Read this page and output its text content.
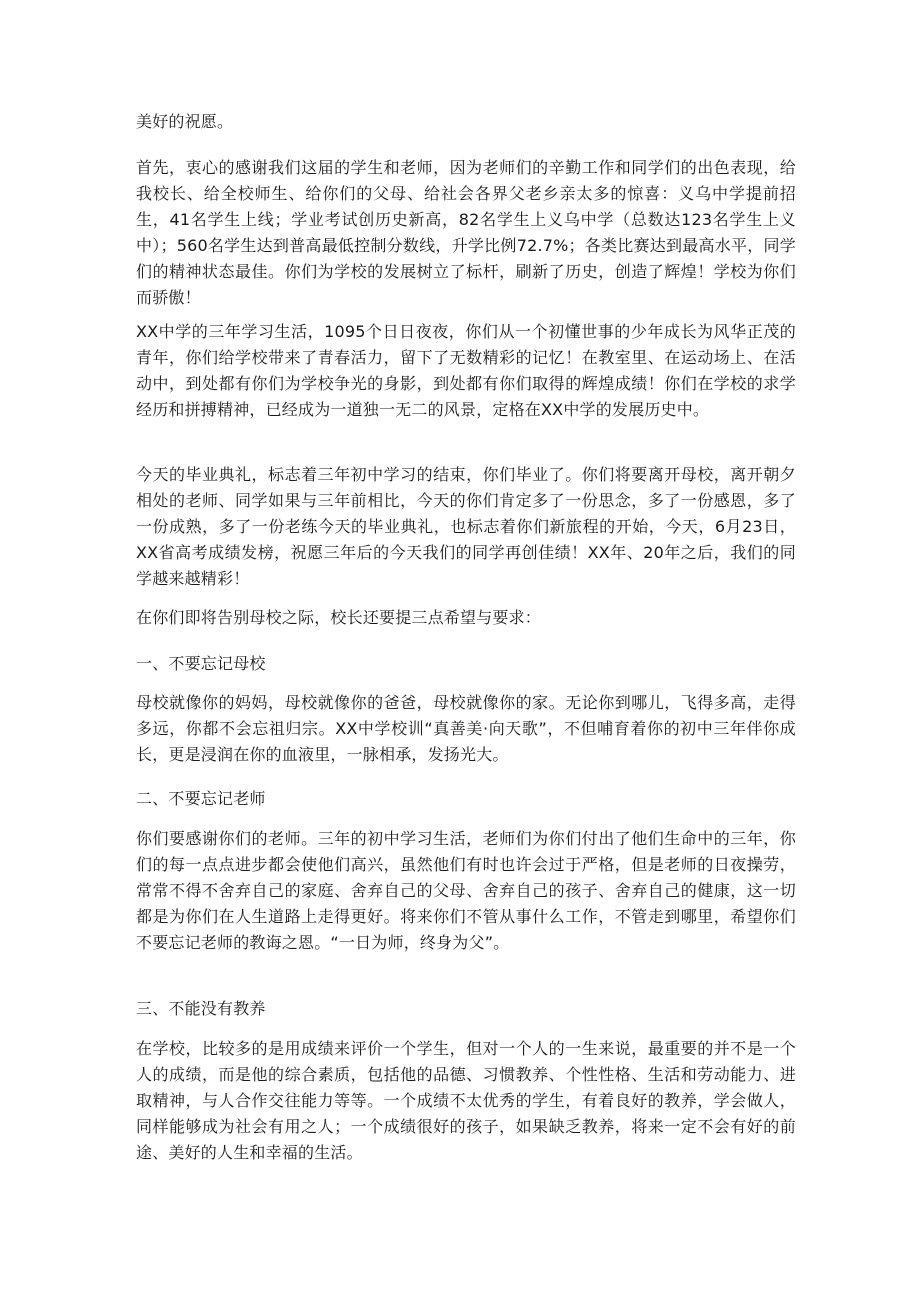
美好的祝愿。

首先，衷心的感谢我们这届的学生和老师，因为老师们的辛勤工作和同学们的出色表现，给我校长、给全校师生、给你们的父母、给社会各界父老乡亲太多的惊喜：义乌中学提前招生，41名学生上线；学业考试创历史新高，82名学生上义乌中学（总数达123名学生上义中）；560名学生达到普高最低控制分数线，升学比例72.7%；各类比赛达到最高水平，同学们的精神状态最佳。你们为学校的发展树立了标杆，刷新了历史，创造了辉煌！学校为你们而骄傲！

XX中学的三年学习生活，1095个日日夜夜，你们从一个初懂世事的少年成长为风华正茂的青年，你们给学校带来了青春活力，留下了无数精彩的记忆！在教室里、在运动场上、在活动中，到处都有你们为学校争光的身影，到处都有你们取得的辉煌成绩！你们在学校的求学经历和拼搏精神，已经成为一道独一无二的风景，定格在XX中学的发展历史中。

今天的毕业典礼，标志着三年初中学习的结束，你们毕业了。你们将要离开母校，离开朝夕相处的老师、同学如果与三年前相比，今天的你们肯定多了一份思念，多了一份感恩，多了一份成熟，多了一份老练今天的毕业典礼，也标志着你们新旅程的开始，今天，6月23日，XX省高考成绩发榜，祝愿三年后的今天我们的同学再创佳绩！XX年、20年之后，我们的同学越来越精彩！

在你们即将告别母校之际，校长还要提三点希望与要求：

一、不要忘记母校

母校就像你的妈妈，母校就像你的爸爸，母校就像你的家。无论你到哪儿，飞得多高，走得多远，你都不会忘祖归宗。XX中学校训“真善美·向天歌”，不但哺育着你的初中三年伴你成长，更是浸润在你的血液里，一脉相承，发扬光大。

二、不要忘记老师

你们要感谢你们的老师。三年的初中学习生活，老师们为你们付出了他们生命中的三年，你们的每一点点进步都会使他们高兴，虽然他们有时也许会过于严格，但是老师的日夜操劳，常常不得不舍弃自己的家庭、舍弃自己的父母、舍弃自己的孩子、舍弃自己的健康，这一切都是为你们在人生道路上走得更好。将来你们不管从事什么工作，不管走到哪里，希望你们不要忘记老师的教诲之恩。“一日为师，终身为父”。

三、不能没有教养

在学校，比较多的是用成绩来评价一个学生，但对一个人的一生来说，最重要的并不是一个人的成绩，而是他的综合素质，包括他的品德、习惯教养、个性性格、生活和劳动能力、进取精神，与人合作交往能力等等。一个成绩不太优秀的学生，有着良好的教养，学会做人，同样能够成为社会有用之人；一个成绩很好的孩子，如果缺乏教养，将来一定不会有好的前途、美好的人生和幸福的生活。
